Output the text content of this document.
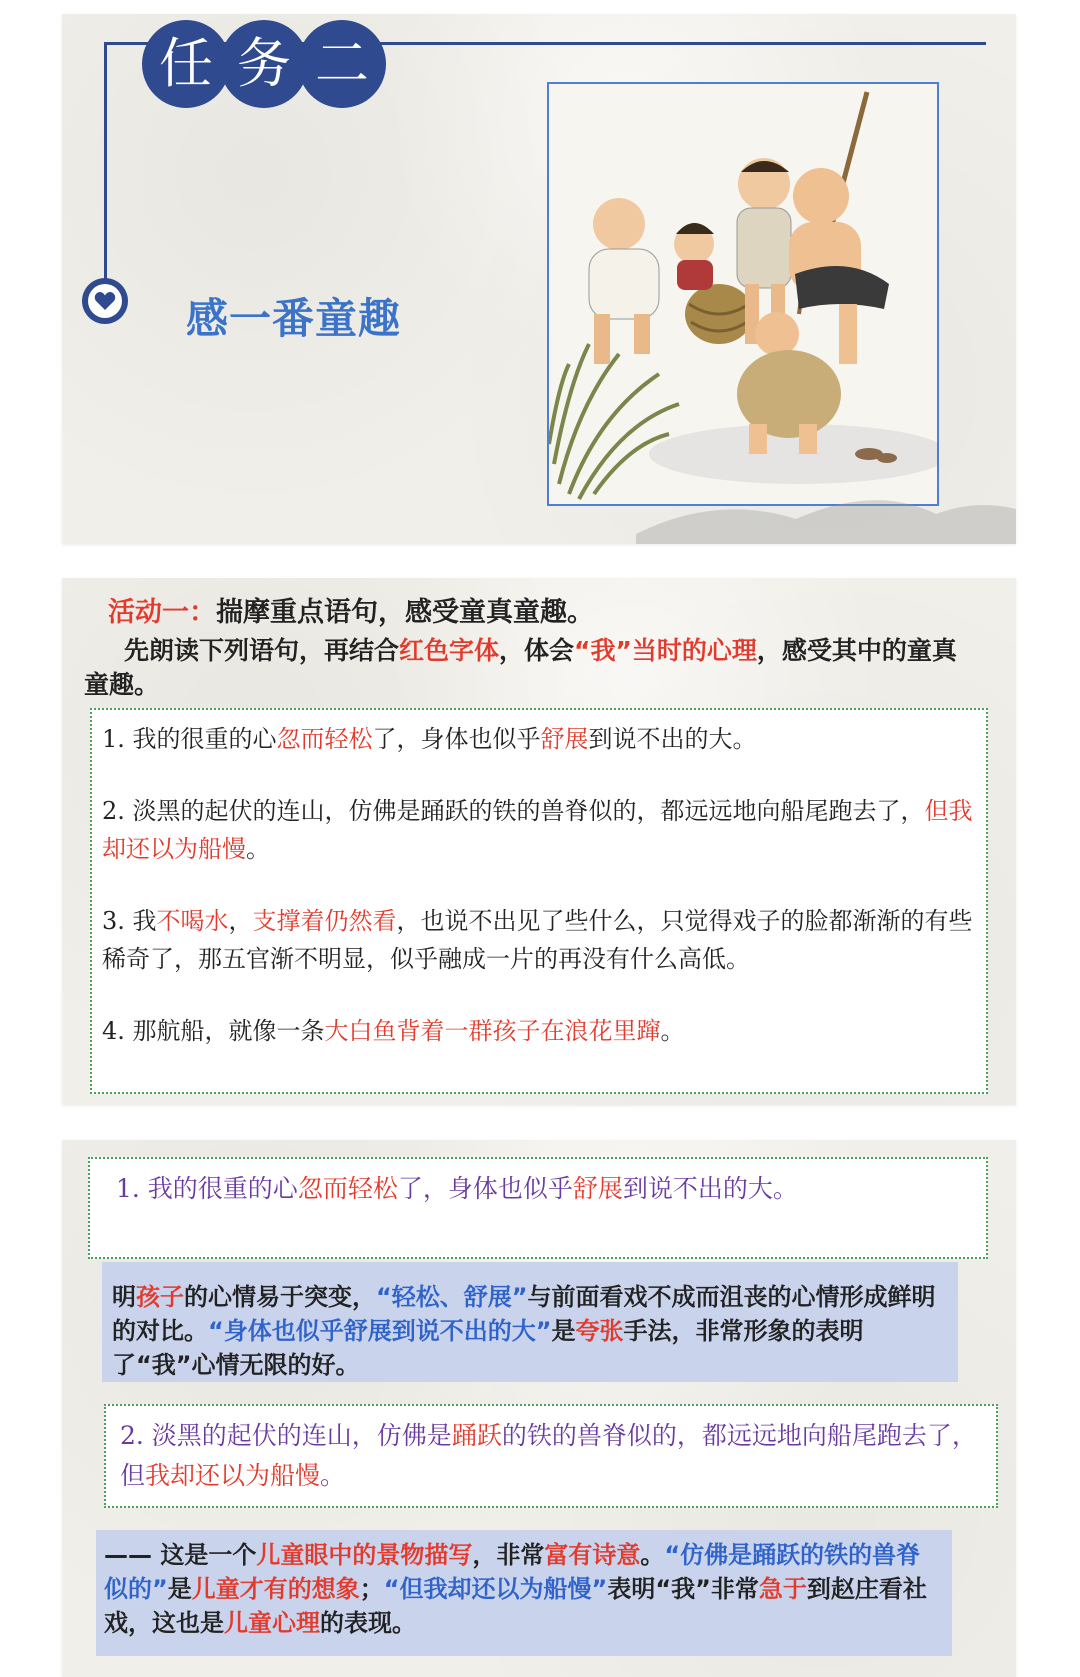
任 务 二
感一番童趣
活动一：揣摩重点语句，感受童真童趣。
先朗读下列语句，再结合红色字体，体会“我”当时的心理，感受其中的童真童趣。

1. 我的很重的心忽而轻松了，身体也似乎舒展到说不出的大。

2. 淡黑的起伏的连山，仿佛是踊跃的铁的兽脊似的，都远远地向船尾跑去了，但我却还以为船慢。

3. 我不喝水，支撑着仍然看，也说不出见了些什么，只觉得戏子的脸都渐渐的有些稀奇了，那五官渐不明显，似乎融成一片的再没有什么高低。

4. 那航船，就像一条大白鱼背着一群孩子在浪花里蹿。

明孩子的心情易于突变，“轻松、舒展”与前面看戏不成而沮丧的心情形成鲜明的对比。“身体也似乎舒展到说不出的大”是夸张手法，非常形象的表明了“我”心情无限的好。
1. 我的很重的心忽而轻松了，身体也似乎舒展到说不出的大。
2. 淡黑的起伏的连山，仿佛是踊跃的铁的兽脊似的，都远远地向船尾跑去了，但我却还以为船慢。
—— 这是一个儿童眼中的景物描写，非常富有诗意。“仿佛是踊跃的铁的兽脊似的”是儿童才有的想象；“但我却还以为船慢”表明“我”非常急于到赵庄看社戏，这也是儿童心理的表现。
